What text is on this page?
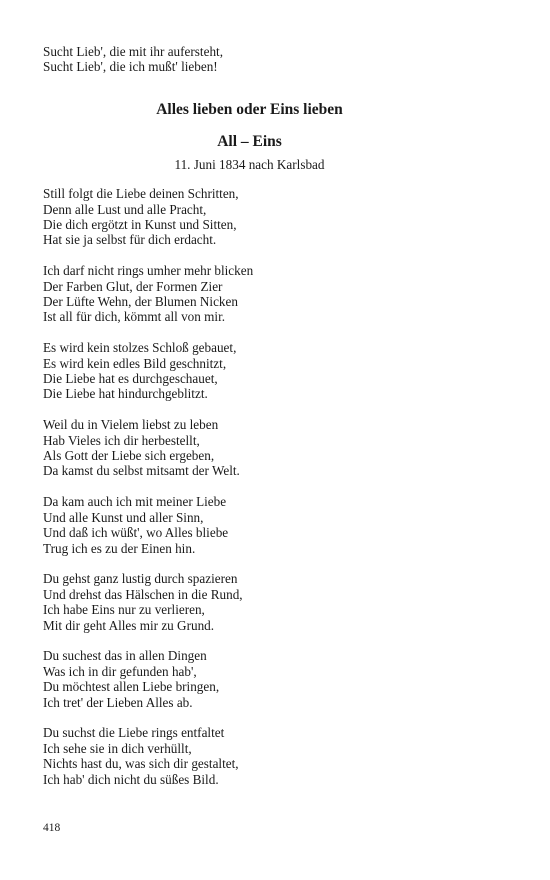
Sucht Lieb', die mit ihr aufersteht,
Sucht Lieb', die ich mußt' lieben!
Alles lieben oder Eins lieben
All – Eins
11. Juni 1834 nach Karlsbad
Still folgt die Liebe deinen Schritten,
Denn alle Lust und alle Pracht,
Die dich ergötzt in Kunst und Sitten,
Hat sie ja selbst für dich erdacht.
Ich darf nicht rings umher mehr blicken
Der Farben Glut, der Formen Zier
Der Lüfte Wehn, der Blumen Nicken
Ist all für dich, kömmt all von mir.
Es wird kein stolzes Schloß gebauet,
Es wird kein edles Bild geschnitzt,
Die Liebe hat es durchgeschauet,
Die Liebe hat hindurchgeblitzt.
Weil du in Vielem liebst zu leben
Hab Vieles ich dir herbestellt,
Als Gott der Liebe sich ergeben,
Da kamst du selbst mitsamt der Welt.
Da kam auch ich mit meiner Liebe
Und alle Kunst und aller Sinn,
Und daß ich wüßt', wo Alles bliebe
Trug ich es zu der Einen hin.
Du gehst ganz lustig durch spazieren
Und drehst das Hälschen in die Rund,
Ich habe Eins nur zu verlieren,
Mit dir geht Alles mir zu Grund.
Du suchest das in allen Dingen
Was ich in dir gefunden hab',
Du möchtest allen Liebe bringen,
Ich tret' der Lieben Alles ab.
Du suchst die Liebe rings entfaltet
Ich sehe sie in dich verhüllt,
Nichts hast du, was sich dir gestaltet,
Ich hab' dich nicht du süßes Bild.
418
